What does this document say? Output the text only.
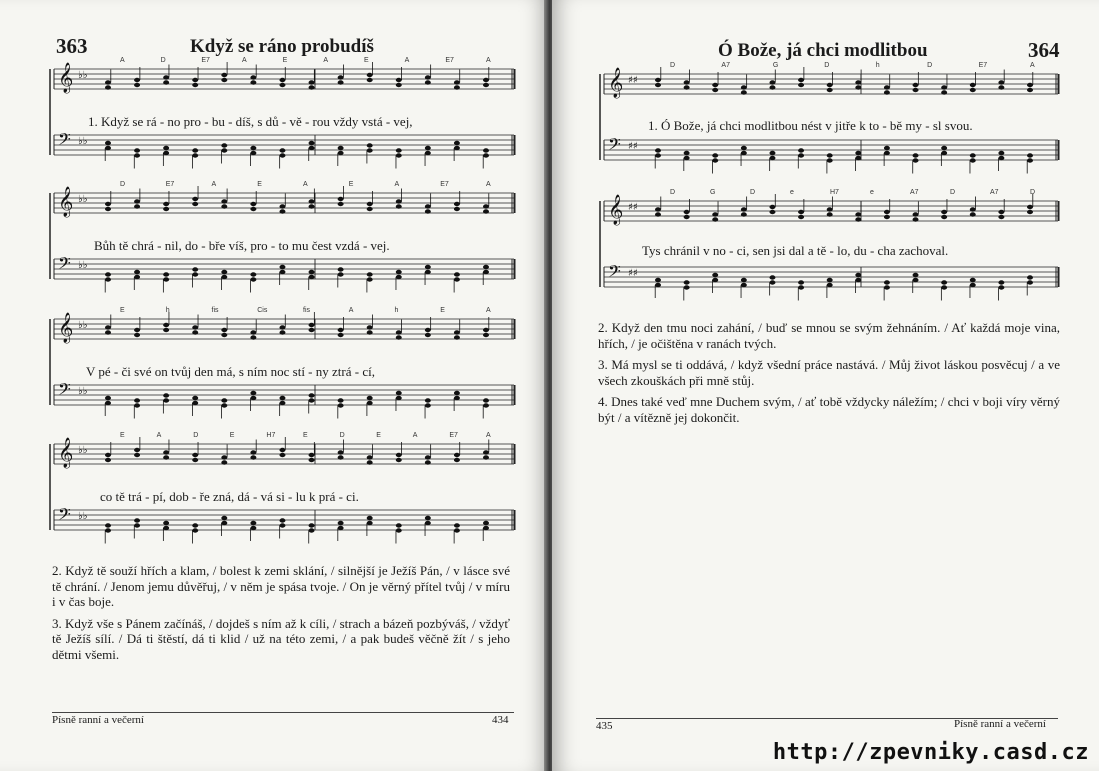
363	Když se ráno probudíš
A	D	E7	A	E	A	E	A	E7	A
𝄞 ♭♭
𝄢 ♭♭
1. Když se rá - no pro - bu - díš, s dů - vě - rou vždy vstá - vej,
D	E7	A	E	A	E	A	E7	A
𝄞 ♭♭
𝄢 ♭♭
Bůh tě chrá - nil, do - bře víš, pro - to mu čest vzdá - vej.
E	h	fis	Cis	fis	A	h	E	A
𝄞 ♭♭
𝄢 ♭♭
V pé - či své on tvůj den má, s ním noc stí - ny ztrá - cí,
E	A	D	E	H7	E	D	E	A	E7	A
𝄞 ♭♭
𝄢 ♭♭
co tě trá - pí, dob - ře zná, dá - vá si - lu k prá - ci.

2. Když tě souží hřích a klam, / bolest k zemi sklání, / silnější je Ježíš Pán, / v lásce své tě chrání. / Jenom jemu důvěřuj, / v něm je spása tvoje. / On je věrný přítel tvůj / v míru i v čas boje.

3. Když vše s Pánem začínáš, / dojdeš s ním až k cíli, / strach a bázeň pozbýváš, / vždyť tě Ježíš sílí. / Dá ti štěstí, dá ti klid / už na této zemi, / a pak budeš věčně žít / s jeho dětmi všemi.

Písně ranní a večerní	434
Ó Bože, já chci modlitbou	364
D	A7	G	D	h	D	E7	A
𝄞 ♯♯
𝄢 ♯♯
1. Ó Bože, já chci modlitbou nést v jitře k to - bě my - sl svou.
D	G	D	e	H7	e	A7	D	A7	D
𝄞 ♯♯
𝄢 ♯♯
Tys chránil v no - ci, sen jsi dal a tě - lo, du - cha zachoval.

2. Když den tmu noci zahání, / buď se mnou se svým žehnáním. / Ať každá moje vina, hřích, / je očištěna v ranách tvých.

3. Má mysl se ti oddává, / když všední práce nastává. / Můj život láskou posvěcuj / a ve všech zkouškách při mně stůj.

4. Dnes také veď mne Duchem svým, / ať tobě vždycky náležím; / chci v boji víry věrný být / a vítězně jej dokončit.

435	Písně ranní a večerní
http://zpevniky.casd.cz
